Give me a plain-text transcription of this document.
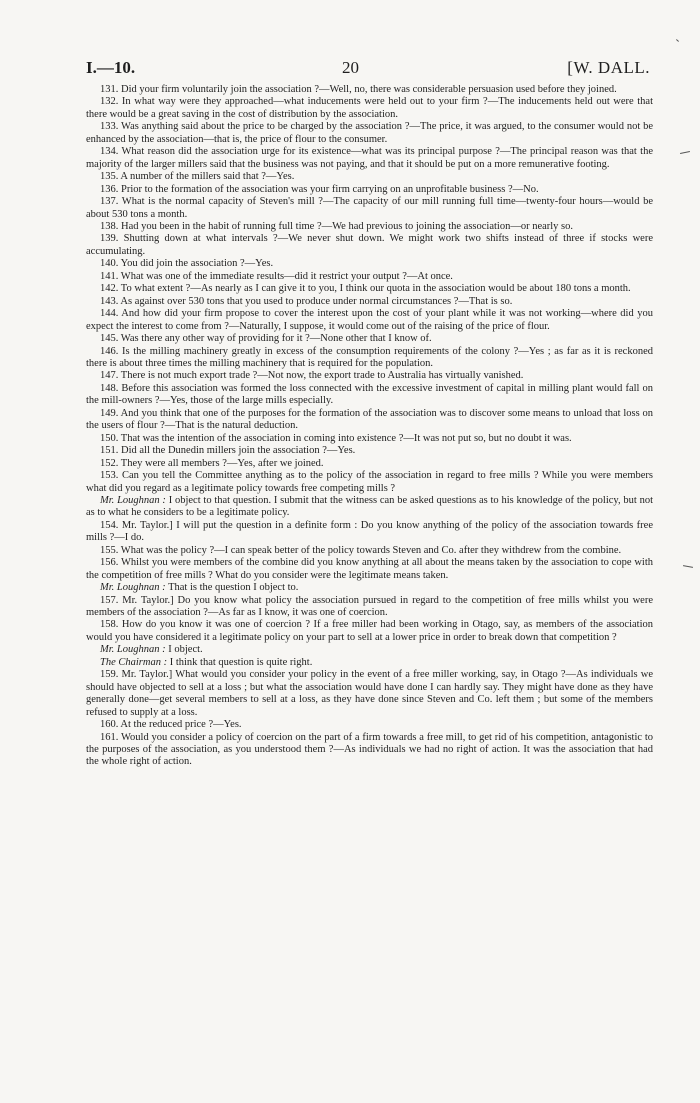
I.—10.	20	[W. DALL.

131. Did your firm voluntarily join the association ?—Well, no, there was considerable persuasion used before they joined.

132. In what way were they approached—what inducements were held out to your firm ?—The inducements held out were that there would be a great saving in the cost of distribution by the association.

133. Was anything said about the price to be charged by the association ?—The price, it was argued, to the consumer would not be enhanced by the association—that is, the price of flour to the consumer.

134. What reason did the association urge for its existence—what was its principal purpose ?—The principal reason was that the majority of the larger millers said that the business was not paying, and that it should be put on a more remunerative footing.

135. A number of the millers said that ?—Yes.

136. Prior to the formation of the association was your firm carrying on an unprofitable business ?—No.

137. What is the normal capacity of Steven's mill ?—The capacity of our mill running full time—twenty-four hours—would be about 530 tons a month.

138. Had you been in the habit of running full time ?—We had previous to joining the association—or nearly so.

139. Shutting down at what intervals ?—We never shut down. We might work two shifts instead of three if stocks were accumulating.

140. You did join the association ?—Yes.

141. What was one of the immediate results—did it restrict your output ?—At once.

142. To what extent ?—As nearly as I can give it to you, I think our quota in the association would be about 180 tons a month.

143. As against over 530 tons that you used to produce under normal circumstances ?—That is so.

144. And how did your firm propose to cover the interest upon the cost of your plant while it was not working—where did you expect the interest to come from ?—Naturally, I suppose, it would come out of the raising of the price of flour.

145. Was there any other way of providing for it ?—None other that I know of.

146. Is the milling machinery greatly in excess of the consumption requirements of the colony ?—Yes ; as far as it is reckoned there is about three times the milling machinery that is required for the population.

147. There is not much export trade ?—Not now, the export trade to Australia has virtually vanished.

148. Before this association was formed the loss connected with the excessive investment of capital in milling plant would fall on the mill-owners ?—Yes, those of the large mills especially.

149. And you think that one of the purposes for the formation of the association was to discover some means to unload that loss on the users of flour ?—That is the natural deduction.

150. That was the intention of the association in coming into existence ?—It was not put so, but no doubt it was.

151. Did all the Dunedin millers join the association ?—Yes.

152. They were all members ?—Yes, after we joined.

153. Can you tell the Committee anything as to the policy of the association in regard to free mills ? While you were members what did you regard as a legitimate policy towards free competing mills ?

Mr. Loughnan : I object to that question. I submit that the witness can be asked questions as to his knowledge of the policy, but not as to what he considers to be a legitimate policy.

154. Mr. Taylor.] I will put the question in a definite form : Do you know anything of the policy of the association towards free mills ?—I do.

155. What was the policy ?—I can speak better of the policy towards Steven and Co. after they withdrew from the combine.

156. Whilst you were members of the combine did you know anything at all about the means taken by the association to cope with the competition of free mills ? What do you consider were the legitimate means taken.

Mr. Loughnan : That is the question I object to.

157. Mr. Taylor.] Do you know what policy the association pursued in regard to the competition of free mills whilst you were members of the association ?—As far as I know, it was one of coercion.

158. How do you know it was one of coercion ? If a free miller had been working in Otago, say, as members of the association would you have considered it a legitimate policy on your part to sell at a lower price in order to break down that competition ?

Mr. Loughnan : I object.

The Chairman : I think that question is quite right.

159. Mr. Taylor.] What would you consider your policy in the event of a free miller working, say, in Otago ?—As individuals we should have objected to sell at a loss ; but what the association would have done I can hardly say. They might have done as they have generally done—get several members to sell at a loss, as they have done since Steven and Co. left them ; but some of the members refused to supply at a loss.

160. At the reduced price ?—Yes.

161. Would you consider a policy of coercion on the part of a firm towards a free mill, to get rid of his competition, antagonistic to the purposes of the association, as you understood them ?—As individuals we had no right of action. It was the association that had the whole right of action.
